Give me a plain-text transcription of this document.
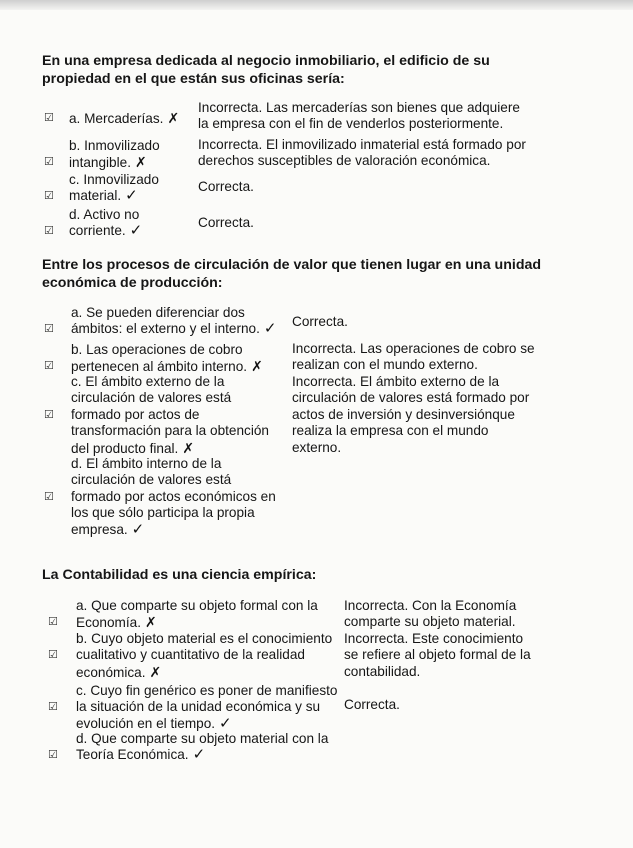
En una empresa dedicada al negocio inmobiliario, el edificio de su propiedad en el que están sus oficinas sería:
☑ a. Mercaderías. ✗
Incorrecta. Las mercaderías son bienes que adquiere
la empresa con el fin de venderlos posteriormente.
☑
b. Inmovilizado
intangible. ✗
Incorrecta. El inmovilizado inmaterial está formado por
derechos susceptibles de valoración económica.
☑
c. Inmovilizado
material. ✓
Correcta.
☑
d. Activo no
corriente. ✓	Correcta.
Entre los procesos de circulación de valor que tienen lugar en una unidad económica de producción:
☑
a. Se pueden diferenciar dos
ámbitos: el externo y el interno. ✓ Correcta.
☑
b. Las operaciones de cobro
pertenecen al ámbito interno. ✗
Incorrecta. Las operaciones de cobro se
realizan con el mundo externo.
☑
c. El ámbito externo de la
circulación de valores está
formado por actos de
transformación para la obtención
del producto final. ✗
Incorrecta. El ámbito externo de la
circulación de valores está formado por
actos de inversión y desinversiónque
realiza la empresa con el mundo
externo.
☑
d. El ámbito interno de la
circulación de valores está
formado por actos económicos en
los que sólo participa la propia
empresa. ✓
La Contabilidad es una ciencia empírica:
☑
a. Que comparte su objeto formal con la
Economía. ✗
Incorrecta. Con la Economía
comparte su objeto material.
☑
b. Cuyo objeto material es el conocimiento
cualitativo y cuantitativo de la realidad
económica. ✗
Incorrecta. Este conocimiento
se refiere al objeto formal de la
contabilidad.
☑
c. Cuyo fin genérico es poner de manifiesto
la situación de la unidad económica y su
evolución en el tiempo. ✓
Correcta.
☑
d. Que comparte su objeto material con la
Teoría Económica. ✓
